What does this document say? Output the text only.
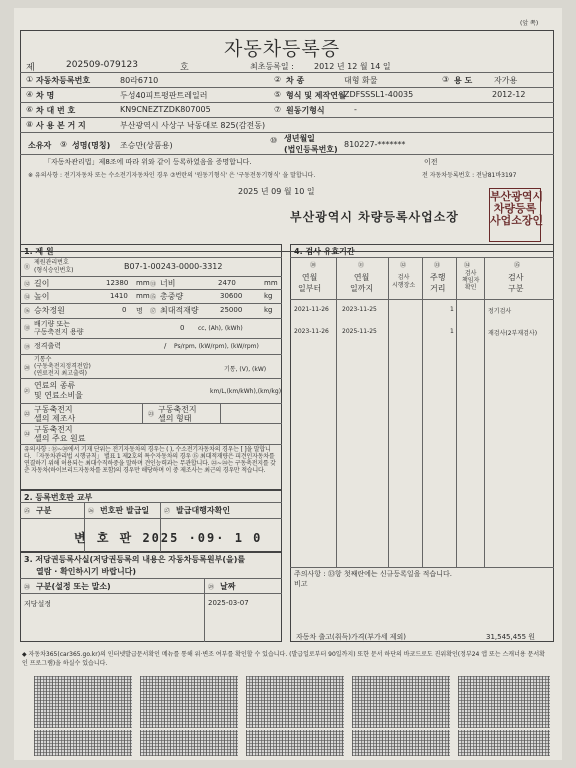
(앞 쪽)
자동차등록증
제	202509-079123	호	최초등록일 :	2012 년 12 월 14 일
① 자동차등록번호	80라6710	② 차 종	대형 화물	③ 용 도	자가용
④ 차 명	두성40피트평판트레일러	⑤ 형식 및 제작연월
ZDFSSSL1-40035	2012-12
⑥ 차 대 번 호	KN9CNEZTZDK807005	⑦ 원동기형식	-
⑧ 사 용 본 거 지	부산광역시 사상구 낙동대로 825(감전동)
소유자 ⑨ 성명(명칭) 조승만(상품용)
⑩ 생년월일
(법인등록번호)
810227-*******
「자동차관리법」제8조에 따라 위와 같이 등록하였음을 증명합니다.	이전
※ 유의사항 : 전기자동차 또는 수소전기자동차인 경우 ⑦번란의 '원동기형식' 은 '구동전동기형식' 을 말합니다.	전 자동차등록번호 : 전남81바3197
2025 년 09 월 10 일
부산광역시 차량등록사업소장
부산광역시
차량등록
사업소장인
1. 제 원
⑪
제원관리번호
(형식승인번호)	B07-1-00243-0000-3312
⑫ 길이	12380 mm ⑬ 너비	2470	mm
⑭ 높이	1410 mm ⑮ 총중량	30600	kg
⑯ 승차정원	0 명 ⑰ 최대적재량	25000	kg
⑱
배기량 또는
구동축전지 용량	0 cc, (Ah), (kWh)
⑲ 정격출력	/ Ps/rpm, (kW/rpm), (kW/rpm)
⑳
기통수
(구동축전지정격전압)
(연료전지 최고출력)
기통, (V), (kW)
㉑
연료의 종류
및 연료소비율	km/L,(km/kWh),(km/kg)
㉒
구동축전지
셀의 제조사	㉓
구동축전지
셀의 형태
㉔
구동축전지
셀의 주요 원료
유의사항 : ⑱~⑳에서 기재 단위는 전기자동차의 경우는 ( ), 수소전기자동차의 경우는 [ ]을 말합니다. 「자동차관리법 시행규칙」 별표 1 제2호의 특수자동차의 경우 ⑮ 최대적재량은 피견인자동차를 연결하기 위해 허용되는 최대수직하중을 말하며 견인능력과는 무관합니다. ㉒~㉔는 구동축전지를 갖춘 자동차(하이브리드자동차를 포함)의 경우만 해당하며 이 중 제조사는 최근의 경우만 적습니다.
2. 등록번호판 교부
㉕ 구분	㉖ 번호판 발급일 ㉗ 발급대행자확인
변 호 판 2025 ·09· 1 0
3. 저당권등록사실(저당권등록의 내용은 자동차등록원부(을)를
열람 · 확인하시기 바랍니다)
㉘ 구분(설정 또는 말소)	㉙ 날짜
저당설정	2025-03-07
4. 검사 유효기간
㉚
연월
일부터
㉛
연월
일까지
㉜
검사
시행장소
㉝
주행
거리
㉞
검사
책임자
확인
㉟
검사
구분
2021-11-26 2023-11-25	1	정기검사
2023-11-26 2025-11-25	1	재검사(2부재검사)
주의사항 : ㉝항 첫째란에는 신규등록일을 적습니다.
비고
자동차 출고(취득)가격(부가세 제외)	31,545,455 원
◆ 자동차365(car365.go.kr)의 인터넷발급문서확인 메뉴를 통해 위·변조 여부를 확인할 수 있습니다. (발급일로부터 90일까지) 또한 문서 하단의 바코드로도 진위확인(정부24 앱 또는 스캐너용 문서확인 프로그램)을 하실수 있습니다.
